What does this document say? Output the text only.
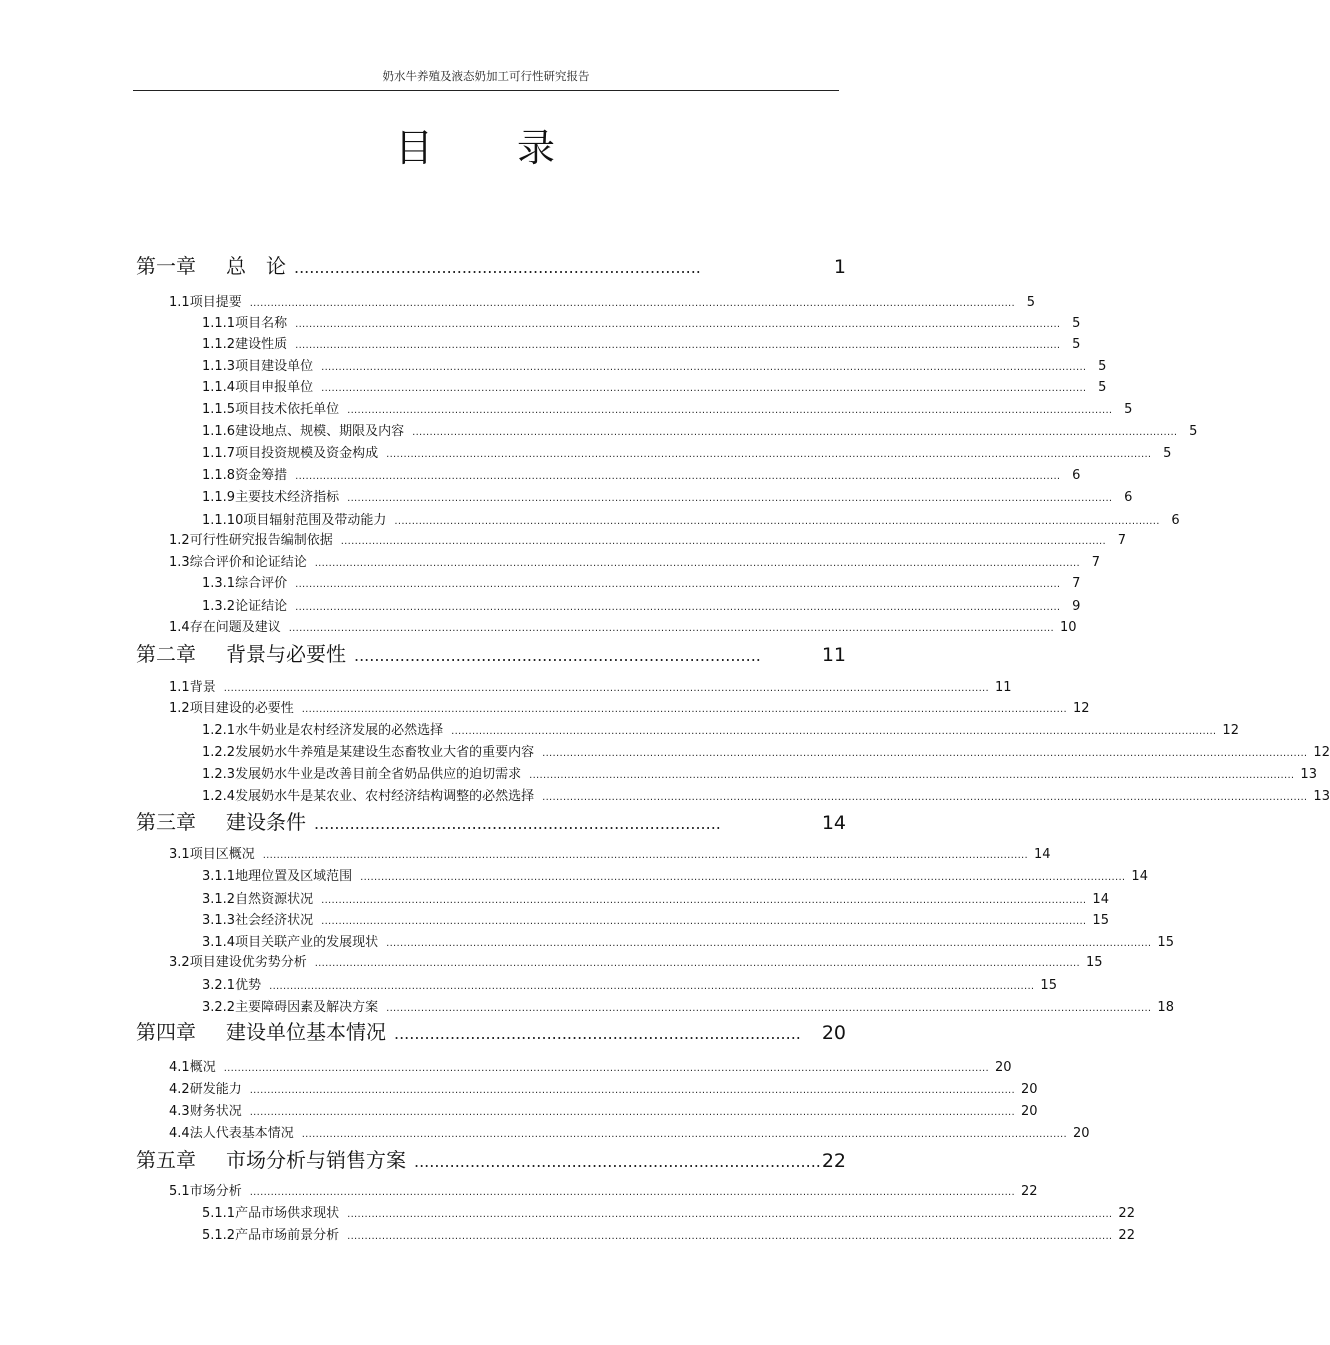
奶水牛养殖及液态奶加工可行性研究报告
目录
第一章	总　论 ................................................................................	1
1.1 项目提要 ............................................................................................................................................................................................................................ 5
1.1.1 项目名称 ............................................................................................................................................................................................................................ 5
1.1.2 建设性质 ............................................................................................................................................................................................................................ 5
1.1.3 项目建设单位 ............................................................................................................................................................................................................................ 5
1.1.4 项目申报单位 ............................................................................................................................................................................................................................ 5
1.1.5 项目技术依托单位 ............................................................................................................................................................................................................................ 5
1.1.6 建设地点、规模、期限及内容 ............................................................................................................................................................................................................................ 5
1.1.7 项目投资规模及资金构成 ............................................................................................................................................................................................................................ 5
1.1.8 资金筹措 ............................................................................................................................................................................................................................ 6
1.1.9 主要技术经济指标 ............................................................................................................................................................................................................................ 6
1.1.10 项目辐射范围及带动能力 ............................................................................................................................................................................................................................ 6
1.2 可行性研究报告编制依据 ............................................................................................................................................................................................................................ 7
1.3 综合评价和论证结论 ............................................................................................................................................................................................................................ 7
1.3.1 综合评价 ............................................................................................................................................................................................................................ 7
1.3.2 论证结论 ............................................................................................................................................................................................................................ 9
1.4 存在问题及建议 ............................................................................................................................................................................................................................ 10
第二章	背景与必要性 ................................................................................	11
1.1 背景 ............................................................................................................................................................................................................................ 11
1.2 项目建设的必要性 ............................................................................................................................................................................................................................ 12
1.2.1 水牛奶业是农村经济发展的必然选择 ............................................................................................................................................................................................................................ 12
1.2.2 发展奶水牛养殖是某建设生态畜牧业大省的重要内容 ............................................................................................................................................................................................................................ 12
1.2.3 发展奶水牛业是改善目前全省奶品供应的迫切需求 ............................................................................................................................................................................................................................ 13
1.2.4 发展奶水牛是某农业、农村经济结构调整的必然选择 ............................................................................................................................................................................................................................ 13
第三章	建设条件 ................................................................................	14
3.1 项目区概况 ............................................................................................................................................................................................................................ 14
3.1.1 地理位置及区域范围 ............................................................................................................................................................................................................................ 14
3.1.2 自然资源状况 ............................................................................................................................................................................................................................ 14
3.1.3 社会经济状况 ............................................................................................................................................................................................................................ 15
3.1.4 项目关联产业的发展现状 ............................................................................................................................................................................................................................ 15
3.2 项目建设优劣势分析 ............................................................................................................................................................................................................................ 15
3.2.1 优势 ............................................................................................................................................................................................................................ 15
3.2.2 主要障碍因素及解决方案 ............................................................................................................................................................................................................................ 18
第四章	建设单位基本情况 ................................................................................	20
4.1 概况 ............................................................................................................................................................................................................................ 20
4.2 研发能力 ............................................................................................................................................................................................................................ 20
4.3 财务状况 ............................................................................................................................................................................................................................ 20
4.4 法人代表基本情况 ............................................................................................................................................................................................................................ 20
第五章	市场分析与销售方案 ................................................................................ 22
5.1 市场分析 ............................................................................................................................................................................................................................ 22
5.1.1 产品市场供求现状 ............................................................................................................................................................................................................................ 22
5.1.2 产品市场前景分析 ............................................................................................................................................................................................................................ 22
